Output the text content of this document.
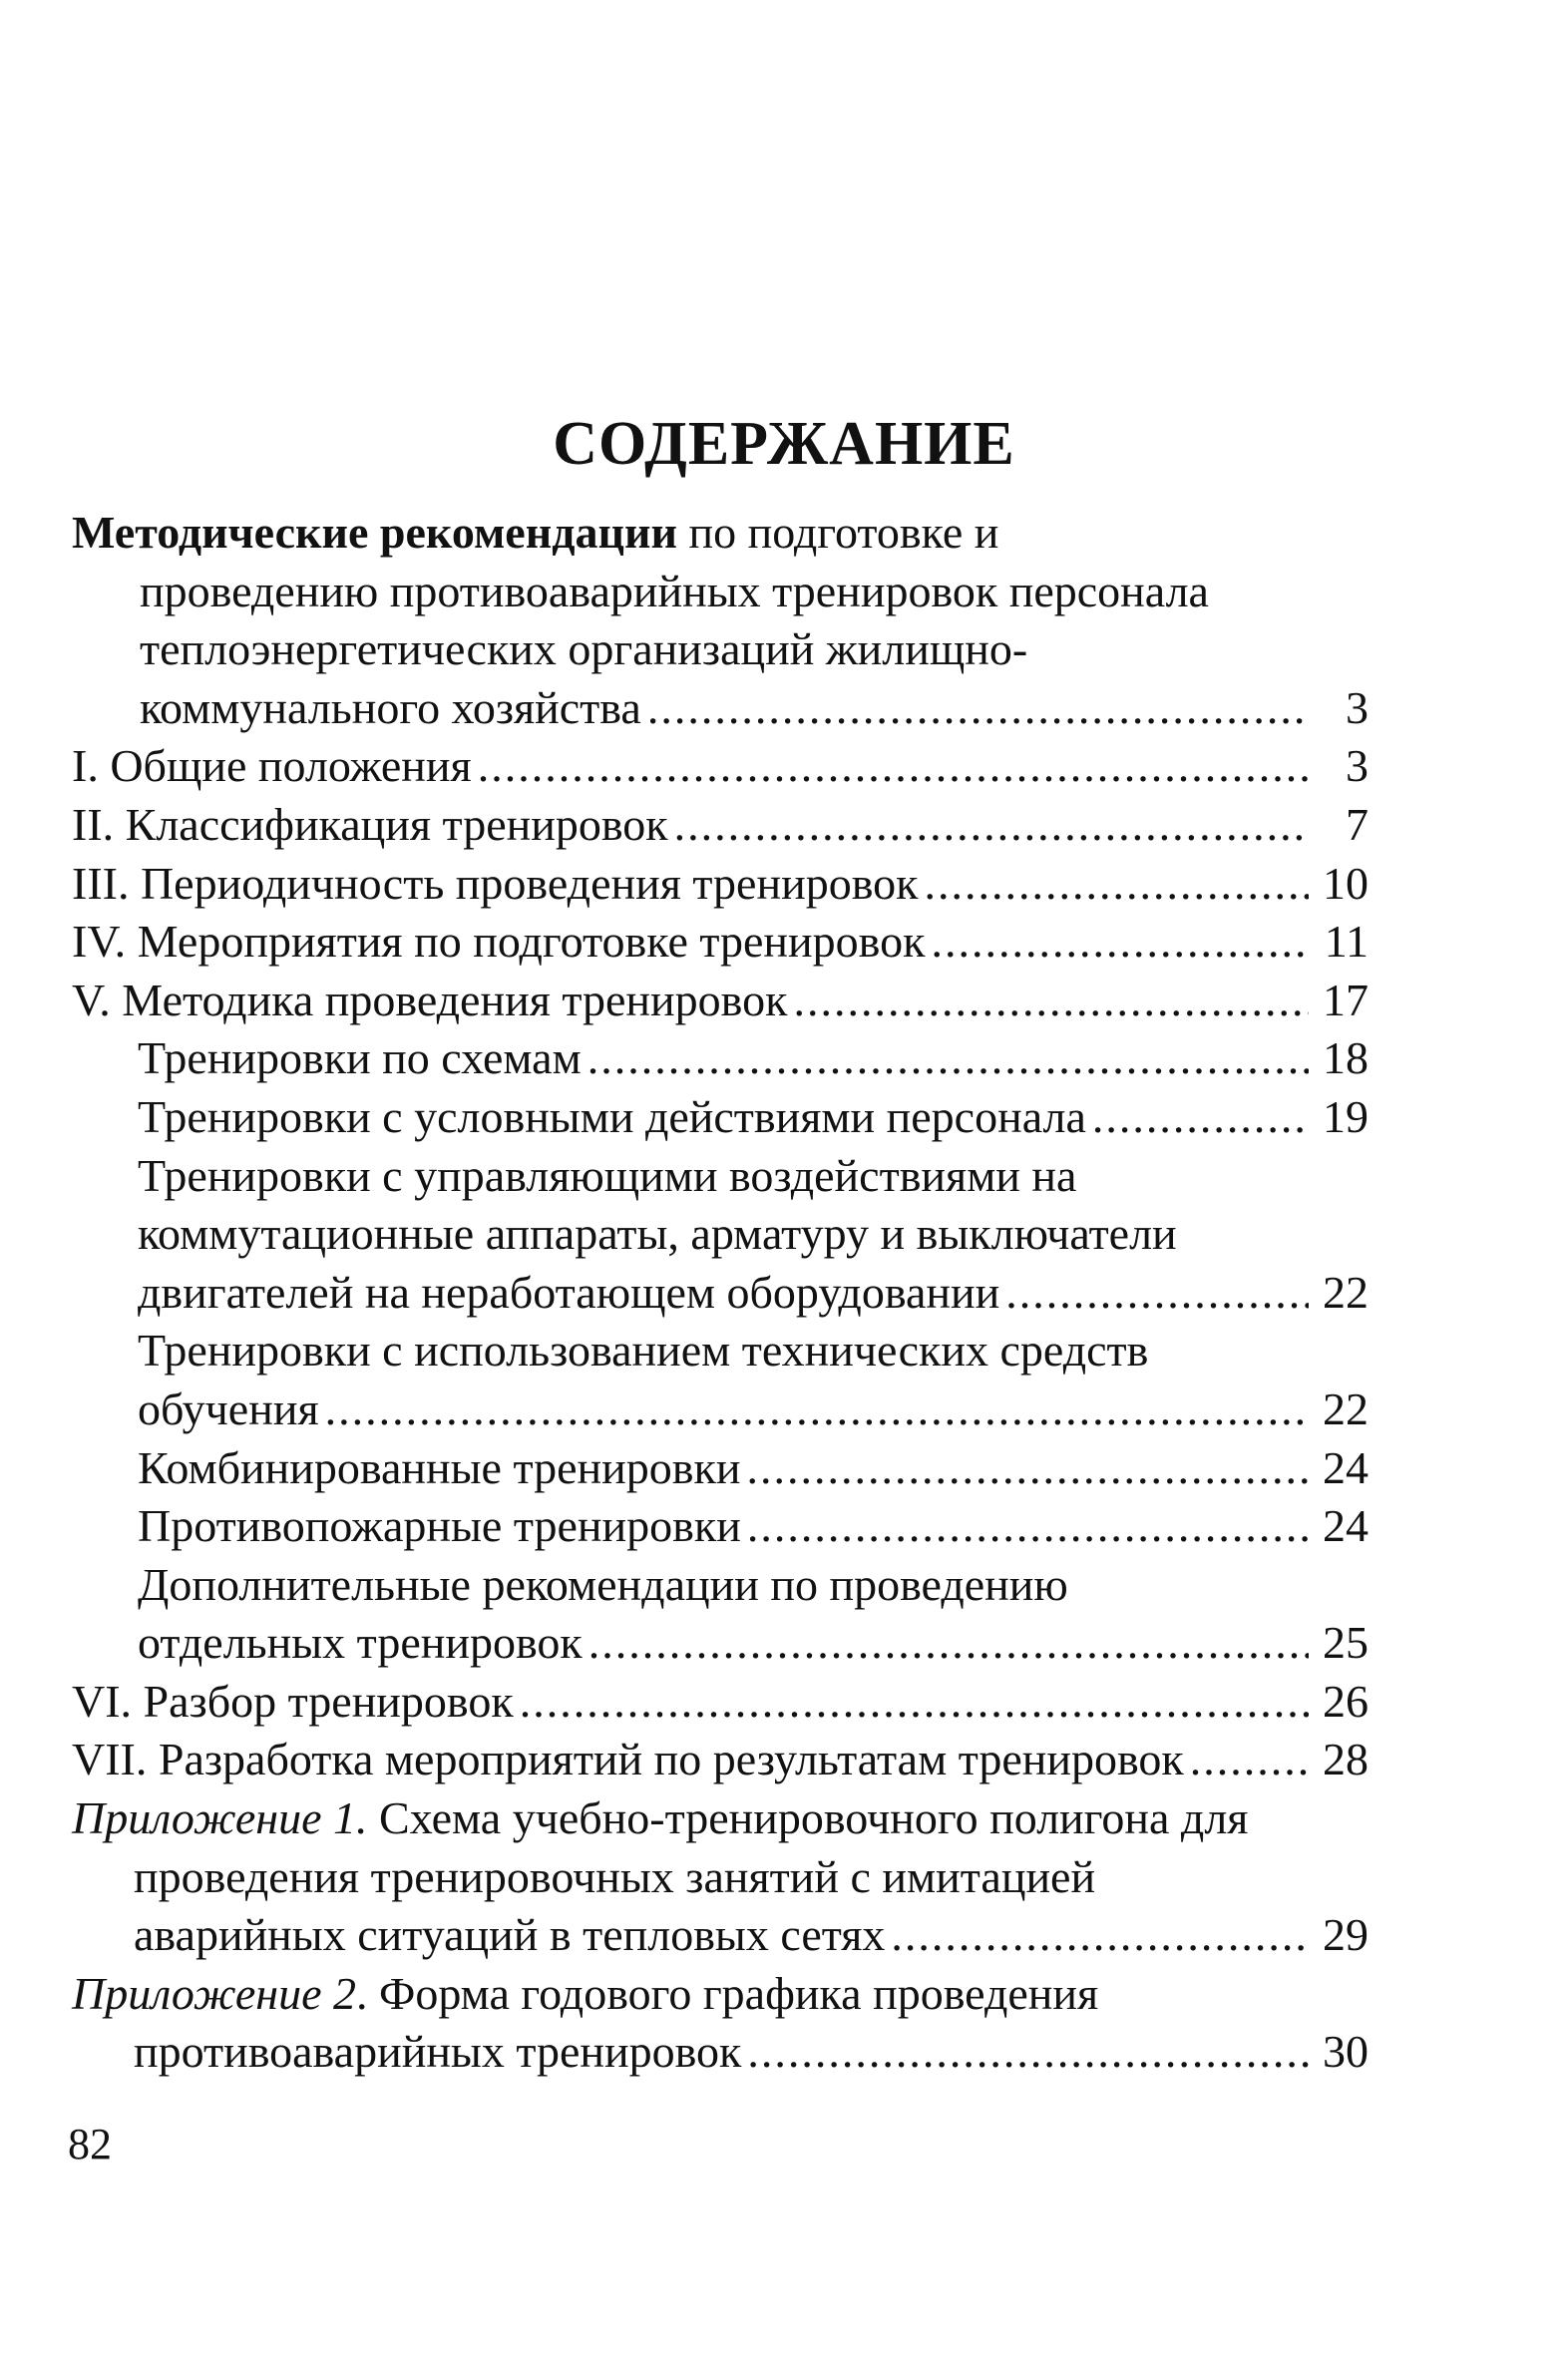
СОДЕРЖАНИЕ
Методические рекомендации по подготовке и
проведению противоаварийных тренировок персонала
теплоэнергетических организаций жилищно-
коммунального хозяйства .....	3
I. Общие положения .....	3
II. Классификация тренировок .....	7
III. Периодичность проведения тренировок .....	10
IV. Мероприятия по подготовке тренировок .....	11
V. Методика проведения тренировок .....	17
Тренировки по схемам .....	18
Тренировки с условными действиями персонала .....	19
Тренировки с управляющими воздействиями на
коммутационные аппараты, арматуру и выключатели
двигателей на неработающем оборудовании .....	22
Тренировки с использованием технических средств
обучения .....	22
Комбинированные тренировки .....	24
Противопожарные тренировки .....	24
Дополнительные рекомендации по проведению
отдельных тренировок .....	25
VI. Разбор тренировок .....	26
VII. Разработка мероприятий по результатам тренировок .....	28
Приложение 1. Схема учебно-тренировочного полигона для
проведения тренировочных занятий с имитацией
аварийных ситуаций в тепловых сетях .....	29
Приложение 2. Форма годового графика проведения
противоаварийных тренировок .....	30
82
